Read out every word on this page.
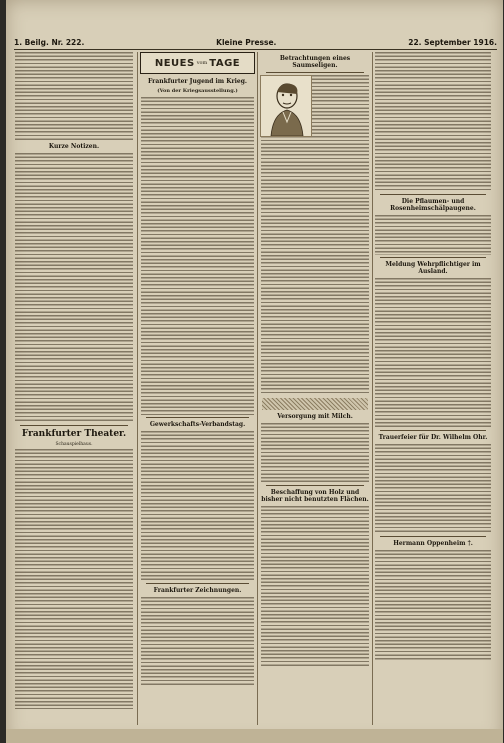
1. Beilg. Nr. 222.	Kleine Presse.	22. September 1916.
Kurze Notizen.
Frankfurter Theater.
Schauspielhaus.
NEUES vom TAGE
Frankfurter Jugend im Krieg.
(Von der Kriegsausstellung.)
Gewerkschafts-Verbandstag.
Frankfurter Zeichnungen.
Betrachtungen eines Saumseligen.
Versorgung mit Milch.
Beschaffung von Holz und bisher nicht benutzten Flächen.
Die Pflaumen- und Rosenheimschälpaugene.
Meldung Wehrpflichtiger im Ausland.
Trauerfeier für Dr. Wilhelm Ohr.
Hermann Oppenheim †.
